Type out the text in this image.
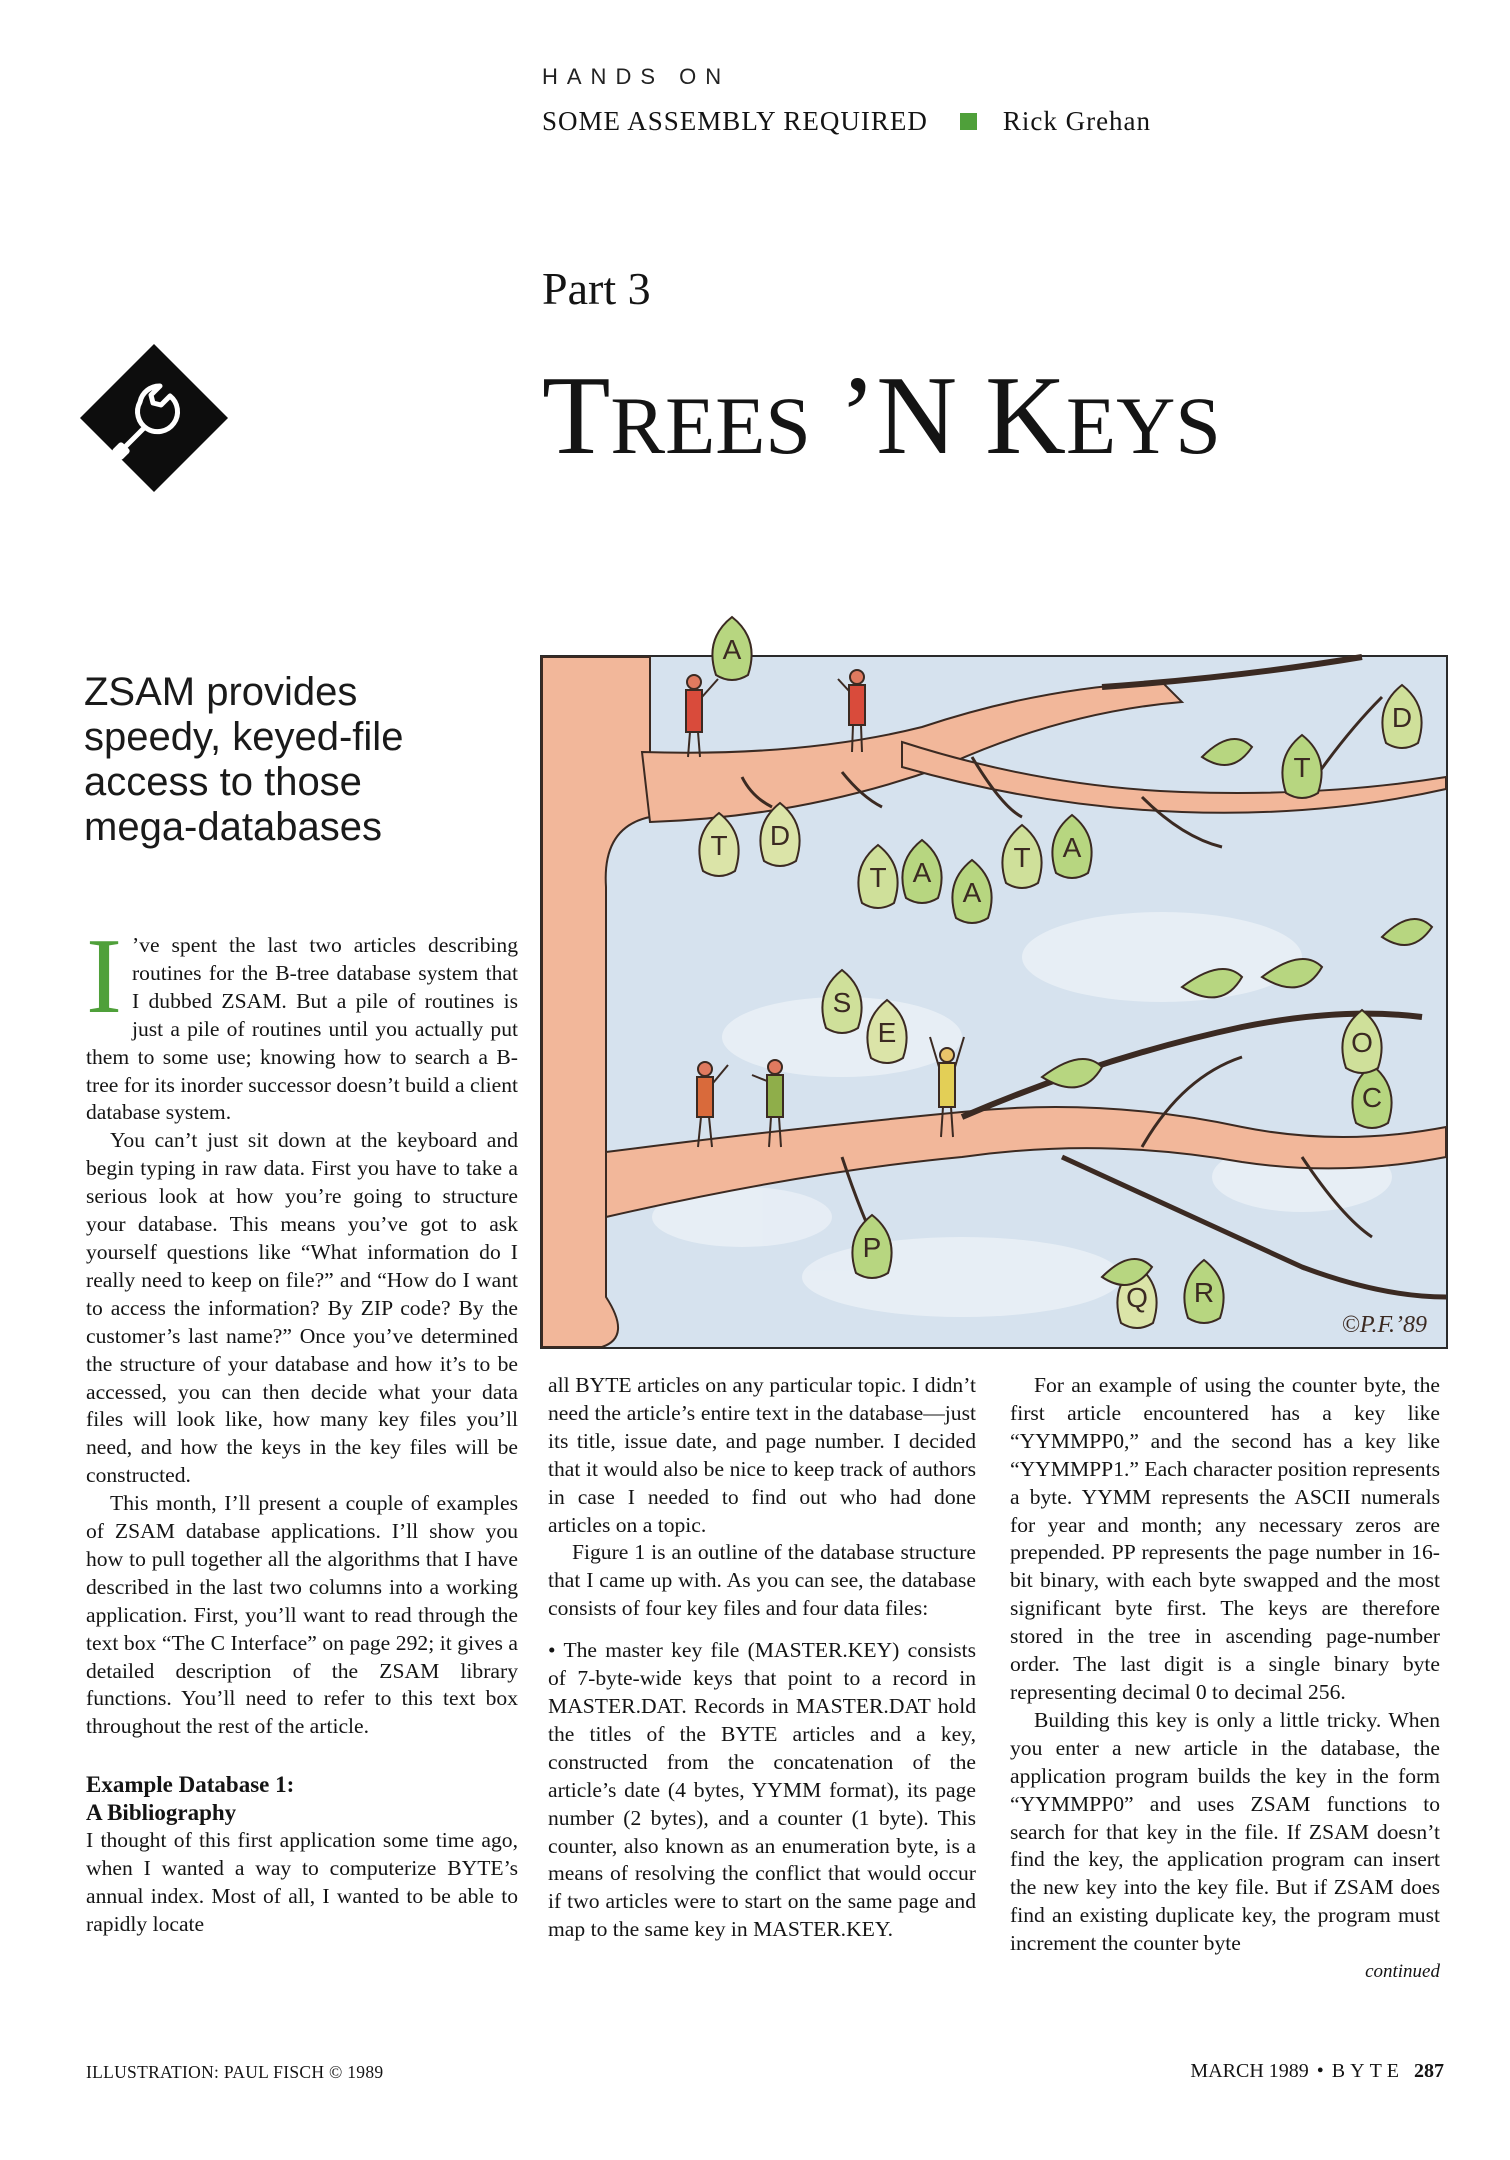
HANDS ON
SOME ASSEMBLY REQUIRED	Rick Grehan
Part 3
TREES ’N KEYS
ZSAM provides speedy, keyed-file access to those mega-databases	T D
A
T	A
T A
D
T
A
S
E
C
O
P
Q R
©P.F.’89
I ’ve spent the last two articles describing routines for the B-tree database system that I dubbed ZSAM. But a pile of routines is just a pile of routines until you actually put them to some use; knowing how to search a B-tree for its inorder successor doesn’t build a client database system.

You can’t just sit down at the keyboard and begin typing in raw data. First you have to take a serious look at how you’re going to structure your database. This means you’ve got to ask yourself questions like “What information do I really need to keep on file?” and “How do I want to access the information? By ZIP code? By the customer’s last name?” Once you’ve determined the structure of your database and how it’s to be accessed, you can then decide what your data files will look like, how many key files you’ll need, and how the keys in the key files will be constructed.

This month, I’ll present a couple of examples of ZSAM database applications. I’ll show you how to pull together all the algorithms that I have described in the last two columns into a working application. First, you’ll want to read through the text box “The C Interface” on page 292; it gives a detailed description of the ZSAM library functions. You’ll need to refer to this text box throughout the rest of the article.

Example Database 1:
A Bibliography

I thought of this first application some time ago, when I wanted a way to computerize BYTE’s annual index. Most of all, I wanted to be able to rapidly locate

all BYTE articles on any particular topic. I didn’t need the article’s entire text in the database—just its title, issue date, and page number. I decided that it would also be nice to keep track of authors in case I needed to find out who had done articles on a topic.

Figure 1 is an outline of the database structure that I came up with. As you can see, the database consists of four key files and four data files:

• The master key file (MASTER.KEY) consists of 7-byte-wide keys that point to a record in MASTER.DAT. Records in MASTER.DAT hold the titles of the BYTE articles and a key, constructed from the concatenation of the article’s date (4 bytes, YYMM format), its page number (2 bytes), and a counter (1 byte). This counter, also known as an enumeration byte, is a means of resolving the conflict that would occur if two articles were to start on the same page and map to the same key in MASTER.KEY.

For an example of using the counter byte, the first article encountered has a key like “YYMMPP0,” and the second has a key like “YYMMPP1.” Each character position represents a byte. YYMM represents the ASCII numerals for year and month; any necessary zeros are prepended. PP represents the page number in 16-bit binary, with each byte swapped and the most significant byte first. The keys are therefore stored in the tree in ascending page-number order. The last digit is a single binary byte representing decimal 0 to decimal 256.

Building this key is only a little tricky. When you enter a new article in the database, the application program builds the key in the form “YYMMPP0” and uses ZSAM functions to search for that key in the file. If ZSAM doesn’t find the key, the application program can insert the new key into the key file. But if ZSAM does find an existing duplicate key, the program must increment the counter byte

continued
ILLUSTRATION: PAUL FISCH © 1989	MARCH 1989 • BYTE 287
